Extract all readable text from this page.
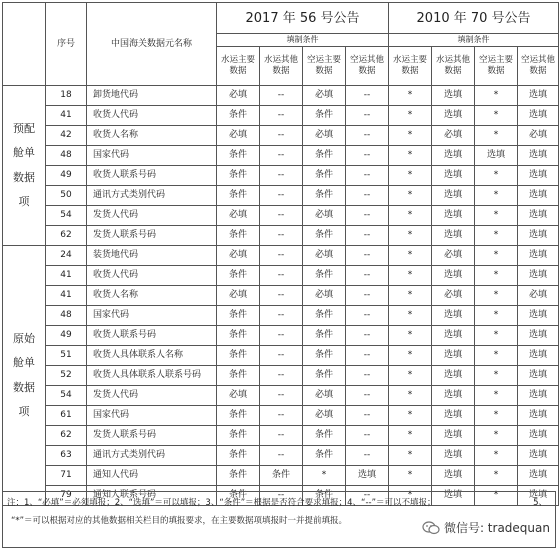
	序号	中国海关数据元名称	2017 年 56 号公告				2010 年 70 号公告			
			填制条件				填制条件			
			水运主要数据	水运其他数据	空运主要数据	空运其他数据	水运主要数据	水运其他数据	空运主要数据	空运其他数据

预配
舱单
数据
项	18	卸货地代码	必填	--	必填	--	*	选填	*	选填
	41	收货人代码	条件	--	条件	--	*	选填	*	选填
	42	收货人名称	必填	--	必填	--	*	必填	*	必填
	48	国家代码	条件	--	条件	--	*	选填	选填	选填
	49	收货人联系号码	条件	--	条件	--	*	选填	*	选填
	50	通讯方式类别代码	条件	--	条件	--	*	选填	*	选填
	54	发货人代码	必填	--	必填	--	*	选填	*	选填
	62	发货人联系号码	条件	--	条件	--	*	选填	*	选填

原始
舱单
数据
项	24	装货地代码	必填	--	必填	--	*	必填	*	选填
	41	收货人代码	条件	--	条件	--	*	选填	*	选填
	41	收货人名称	必填	--	必填	--	*	必填	*	必填
	48	国家代码	条件	--	条件	--	*	选填	*	选填
	49	收货人联系号码	条件	--	条件	--	*	选填	*	选填
	51	收货人具体联系人名称	条件	--	条件	--	*	选填	*	选填
	52	收货人具体联系人联系号码	条件	--	条件	--	*	选填	*	选填
	54	发货人代码	必填	--	必填	--	*	选填	*	选填
	61	国家代码	条件	--	必填	--	*	选填	*	选填
	62	发货人联系号码	条件	--	条件	--	*	选填	*	选填
	63	通讯方式类别代码	条件	--	条件	--	*	选填	*	选填
	71	通知人代码	条件	条件	*	选填	*	选填	*	选填
	79	通知人联系号码	条件	--	条件	--	*	选填	*	选填
注：1、“必填”＝必须填报；2、“选填”＝可以填报；3、“条件”＝根据是否符合要求填报；4、“--”＝可以不填报；	5、
“*”＝可以根据对应的其他数据相关栏目的填报要求，在主要数据项填报时一并提前填报。	微信号: tradequan
